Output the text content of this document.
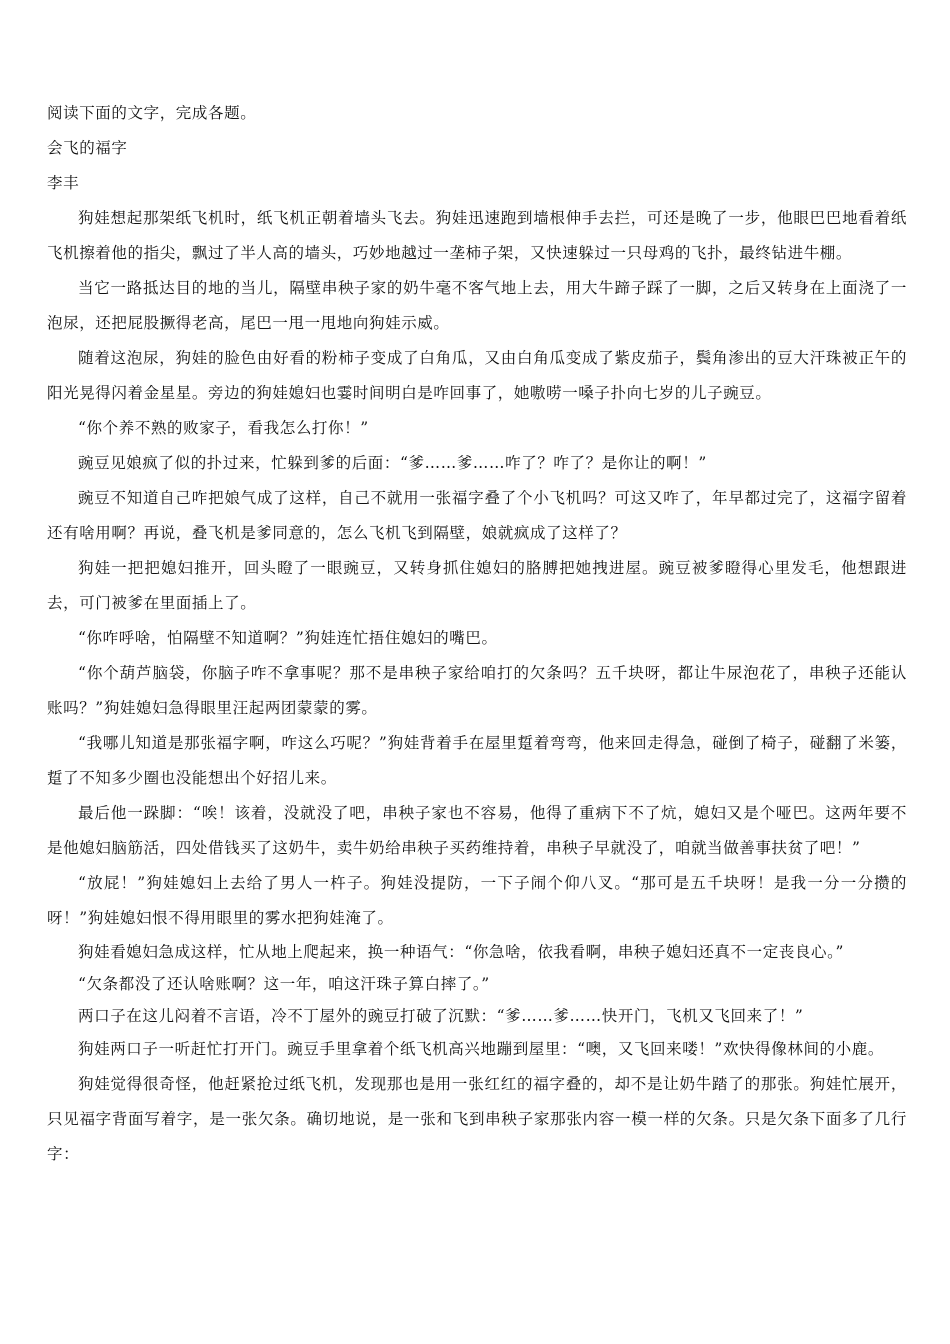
阅读下面的文字，完成各题。

会飞的福字

李丰

狗娃想起那架纸飞机时，纸飞机正朝着墙头飞去。狗娃迅速跑到墙根伸手去拦，可还是晚了一步，他眼巴巴地看着纸飞机擦着他的指尖，飘过了半人高的墙头，巧妙地越过一垄柿子架，又快速躲过一只母鸡的飞扑，最终钻进牛棚。

当它一路抵达目的地的当儿，隔壁串秧子家的奶牛毫不客气地上去，用大牛蹄子踩了一脚，之后又转身在上面浇了一泡尿，还把屁股撅得老高，尾巴一甩一甩地向狗娃示威。

随着这泡尿，狗娃的脸色由好看的粉柿子变成了白角瓜，又由白角瓜变成了紫皮茄子，鬓角渗出的豆大汗珠被正午的阳光晃得闪着金星星。旁边的狗娃媳妇也霎时间明白是咋回事了，她嗷唠一嗓子扑向七岁的儿子豌豆。

“你个养不熟的败家子，看我怎么打你！”

豌豆见娘疯了似的扑过来，忙躲到爹的后面：“爹……爹……咋了？咋了？是你让的啊！”

豌豆不知道自己咋把娘气成了这样，自己不就用一张福字叠了个小飞机吗？可这又咋了，年早都过完了，这福字留着还有啥用啊？再说，叠飞机是爹同意的，怎么飞机飞到隔壁，娘就疯成了这样了？

狗娃一把把媳妇推开，回头瞪了一眼豌豆，又转身抓住媳妇的胳膊把她拽进屋。豌豆被爹瞪得心里发毛，他想跟进去，可门被爹在里面插上了。

“你咋呼啥，怕隔壁不知道啊？”狗娃连忙捂住媳妇的嘴巴。

“你个葫芦脑袋，你脑子咋不拿事呢？那不是串秧子家给咱打的欠条吗？五千块呀，都让牛尿泡花了，串秧子还能认账吗？”狗娃媳妇急得眼里汪起两团蒙蒙的雾。

“我哪儿知道是那张福字啊，咋这么巧呢？”狗娃背着手在屋里踅着弯弯，他来回走得急，碰倒了椅子，碰翻了米篓，踅了不知多少圈也没能想出个好招儿来。

最后他一跺脚：“唉！该着，没就没了吧，串秧子家也不容易，他得了重病下不了炕，媳妇又是个哑巴。这两年要不是他媳妇脑筋活，四处借钱买了这奶牛，卖牛奶给串秧子买药维持着，串秧子早就没了，咱就当做善事扶贫了吧！”

“放屁！”狗娃媳妇上去给了男人一杵子。狗娃没提防，一下子闹个仰八叉。“那可是五千块呀！是我一分一分攒的呀！”狗娃媳妇恨不得用眼里的雾水把狗娃淹了。

狗娃看媳妇急成这样，忙从地上爬起来，换一种语气：“你急啥，依我看啊，串秧子媳妇还真不一定丧良心。”

“欠条都没了还认啥账啊？这一年，咱这汗珠子算白摔了。”

两口子在这儿闷着不言语，冷不丁屋外的豌豆打破了沉默：“爹……爹……快开门，飞机又飞回来了！”

狗娃两口子一听赶忙打开门。豌豆手里拿着个纸飞机高兴地蹦到屋里：“噢，又飞回来喽！”欢快得像林间的小鹿。

狗娃觉得很奇怪，他赶紧抢过纸飞机，发现那也是用一张红红的福字叠的，却不是让奶牛踏了的那张。狗娃忙展开，只见福字背面写着字，是一张欠条。确切地说，是一张和飞到串秧子家那张内容一模一样的欠条。只是欠条下面多了几行字：
